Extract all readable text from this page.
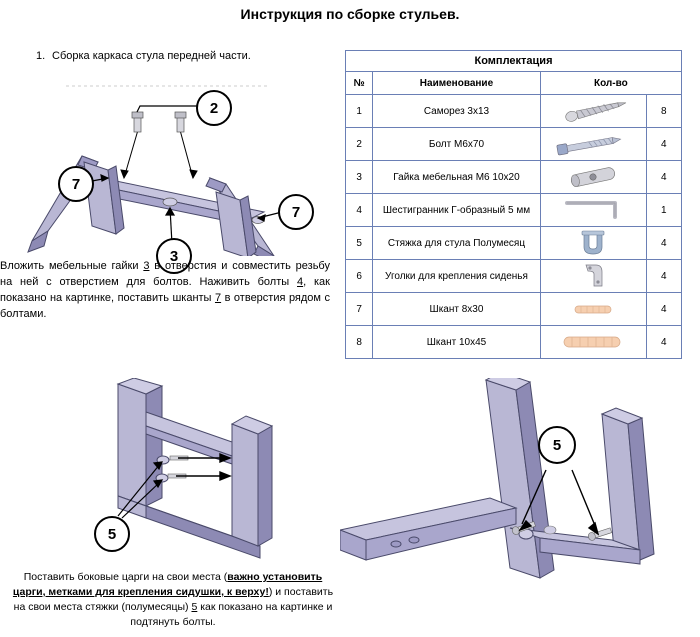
Инструкция по сборке стульев.
1. Сборка каркаса стула передней части.
2
7
7
3
Вложить мебельные гайки 3 в отверстия и совместить резьбу на ней с отверстием для болтов. Наживить болты 4, как показано на картинке, поставить шканты 7 в отверстия рядом с болтами.
Комплектация			
№	Наименование	Кол-во	
1	Саморез 3х13		8
2	Болт М6х70		4
3	Гайка мебельная М6 10х20		4
4	Шестигранник Г-образный 5 мм		1
5	Стяжка для стула Полумесяц		4
6	Уголки для крепления сиденья		4
7	Шкант 8х30		4
8	Шкант 10х45		4
5
5
Поставить боковые царги на свои места (важно установить царги, метками для крепления сидушки, к верху!) и поставить на свои места стяжки (полумесяцы) 5 как показано на картинке и подтянуть болты.
